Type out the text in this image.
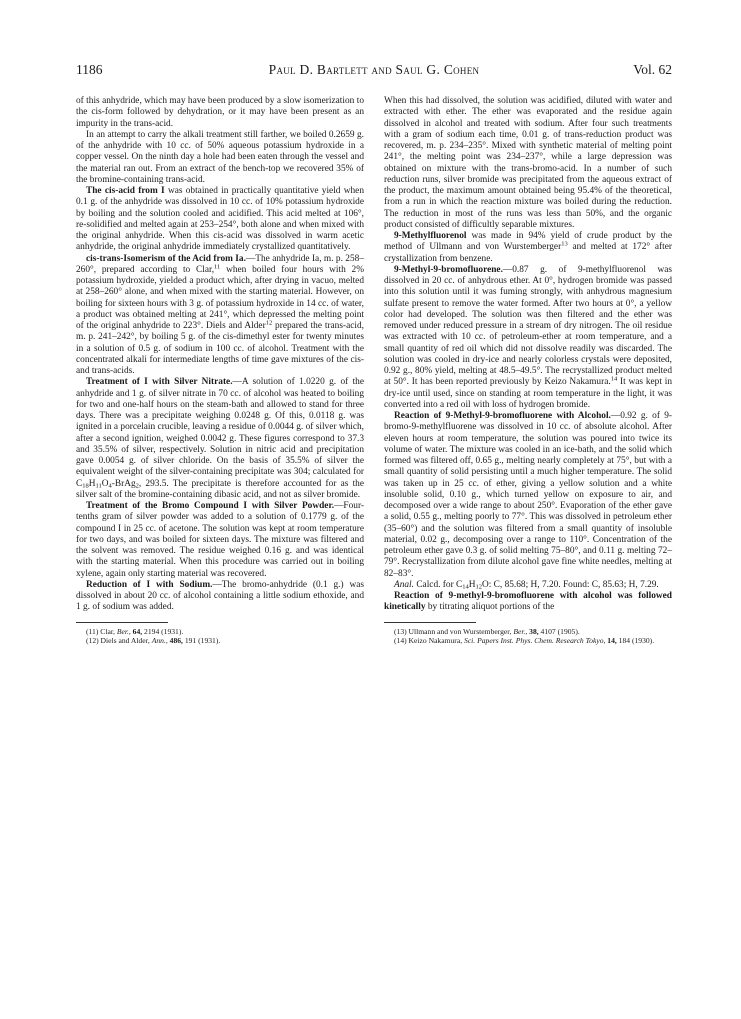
1186	Paul D. Bartlett and Saul G. Cohen	Vol. 62

of this anhydride, which may have been produced by a slow isomerization to the cis-form followed by dehydration, or it may have been present as an impurity in the trans-acid.

In an attempt to carry the alkali treatment still farther, we boiled 0.2659 g. of the anhydride with 10 cc. of 50% aqueous potassium hydroxide in a copper vessel. On the ninth day a hole had been eaten through the vessel and the material ran out. From an extract of the bench-top we recovered 35% of the bromine-containing trans-acid.

The cis-acid from I was obtained in practically quantitative yield when 0.1 g. of the anhydride was dissolved in 10 cc. of 10% potassium hydroxide by boiling and the solution cooled and acidified. This acid melted at 106°, re-solidified and melted again at 253–254°, both alone and when mixed with the original anhydride. When this cis-acid was dissolved in warm acetic anhydride, the original anhydride immediately crystallized quantitatively.

cis-trans-Isomerism of the Acid from Ia.—The anhydride Ia, m. p. 258–260°, prepared according to Clar,$^{11}$ when boiled four hours with 2% potassium hydroxide, yielded a product which, after drying in vacuo, melted at 258–260° alone, and when mixed with the starting material. However, on boiling for sixteen hours with 3 g. of potassium hydroxide in 14 cc. of water, a product was obtained melting at 241°, which depressed the melting point of the original anhydride to 223°. Diels and Alder$^{12}$ prepared the trans-acid, m. p. 241–242°, by boiling 5 g. of the cis-dimethyl ester for twenty minutes in a solution of 0.5 g. of sodium in 100 cc. of alcohol. Treatment with the concentrated alkali for intermediate lengths of time gave mixtures of the cis- and trans-acids.

Treatment of I with Silver Nitrate.—A solution of 1.0220 g. of the anhydride and 1 g. of silver nitrate in 70 cc. of alcohol was heated to boiling for two and one-half hours on the steam-bath and allowed to stand for three days. There was a precipitate weighing 0.0248 g. Of this, 0.0118 g. was ignited in a porcelain crucible, leaving a residue of 0.0044 g. of silver which, after a second ignition, weighed 0.0042 g. These figures correspond to 37.3 and 35.5% of silver, respectively. Solution in nitric acid and precipitation gave 0.0054 g. of silver chloride. On the basis of 35.5% of silver the equivalent weight of the silver-containing precipitate was 304; calculated for $C_{18}H_{11}O_4-BrAg_2$, 293.5. The precipitate is therefore accounted for as the silver salt of the bromine-containing dibasic acid, and not as silver bromide.

Treatment of the Bromo Compound I with Silver Powder.—Four-tenths gram of silver powder was added to a solution of 0.1779 g. of the compound I in 25 cc. of acetone. The solution was kept at room temperature for two days, and was boiled for sixteen days. The mixture was filtered and the solvent was removed. The residue weighed 0.16 g. and was identical with the starting material. When this procedure was carried out in boiling xylene, again only starting material was recovered.

Reduction of I with Sodium.—The bromo-anhydride (0.1 g.) was dissolved in about 20 cc. of alcohol containing a little sodium ethoxide, and 1 g. of sodium was added.

(11) Clar, Ber., 64, 2194 (1931).

(12) Diels and Alder, Ann., 486, 191 (1931).

When this had dissolved, the solution was acidified, diluted with water and extracted with ether. The ether was evaporated and the residue again dissolved in alcohol and treated with sodium. After four such treatments with a gram of sodium each time, 0.01 g. of trans-reduction product was recovered, m. p. 234–235°. Mixed with synthetic material of melting point 241°, the melting point was 234–237°, while a large depression was obtained on mixture with the trans-bromo-acid. In a number of such reduction runs, silver bromide was precipitated from the aqueous extract of the product, the maximum amount obtained being 95.4% of the theoretical, from a run in which the reaction mixture was boiled during the reduction. The reduction in most of the runs was less than 50%, and the organic product consisted of difficultly separable mixtures.

9-Methylfluorenol was made in 94% yield of crude product by the method of Ullmann and von Wurstemberger$^{13}$ and melted at 172° after crystallization from benzene.

9-Methyl-9-bromofluorene.—0.87 g. of 9-methylfluorenol was dissolved in 20 cc. of anhydrous ether. At 0°, hydrogen bromide was passed into this solution until it was fuming strongly, with anhydrous magnesium sulfate present to remove the water formed. After two hours at 0°, a yellow color had developed. The solution was then filtered and the ether was removed under reduced pressure in a stream of dry nitrogen. The oil residue was extracted with 10 cc. of petroleum-ether at room temperature, and a small quantity of red oil which did not dissolve readily was discarded. The solution was cooled in dry-ice and nearly colorless crystals were deposited, 0.92 g., 80% yield, melting at 48.5–49.5°. The recrystallized product melted at 50°. It has been reported previously by Keizo Nakamura.$^{14}$ It was kept in dry-ice until used, since on standing at room temperature in the light, it was converted into a red oil with loss of hydrogen bromide.

Reaction of 9-Methyl-9-bromofluorene with Alcohol.—0.92 g. of 9-bromo-9-methylfluorene was dissolved in 10 cc. of absolute alcohol. After eleven hours at room temperature, the solution was poured into twice its volume of water. The mixture was cooled in an ice-bath, and the solid which formed was filtered off, 0.65 g., melting nearly completely at 75°, but with a small quantity of solid persisting until a much higher temperature. The solid was taken up in 25 cc. of ether, giving a yellow solution and a white insoluble solid, 0.10 g., which turned yellow on exposure to air, and decomposed over a wide range to about 250°. Evaporation of the ether gave a solid, 0.55 g., melting poorly to 77°. This was dissolved in petroleum ether (35–60°) and the solution was filtered from a small quantity of insoluble material, 0.02 g., decomposing over a range to 110°. Concentration of the petroleum ether gave 0.3 g. of solid melting 75–80°, and 0.11 g. melting 72–79°. Recrystallization from dilute alcohol gave fine white needles, melting at 82–83°.

Anal. Calcd. for $C_{14}H_{12}O$: C, 85.68; H, 7.20. Found: C, 85.63; H, 7.29.

Reaction of 9-methyl-9-bromofluorene with alcohol was followed kinetically by titrating aliquot portions of the

(13) Ullmann and von Wurstemberger, Ber., 38, 4107 (1905).

(14) Keizo Nakamura, Sci. Papers Inst. Phys. Chem. Research Tokyo, 14, 184 (1930).
